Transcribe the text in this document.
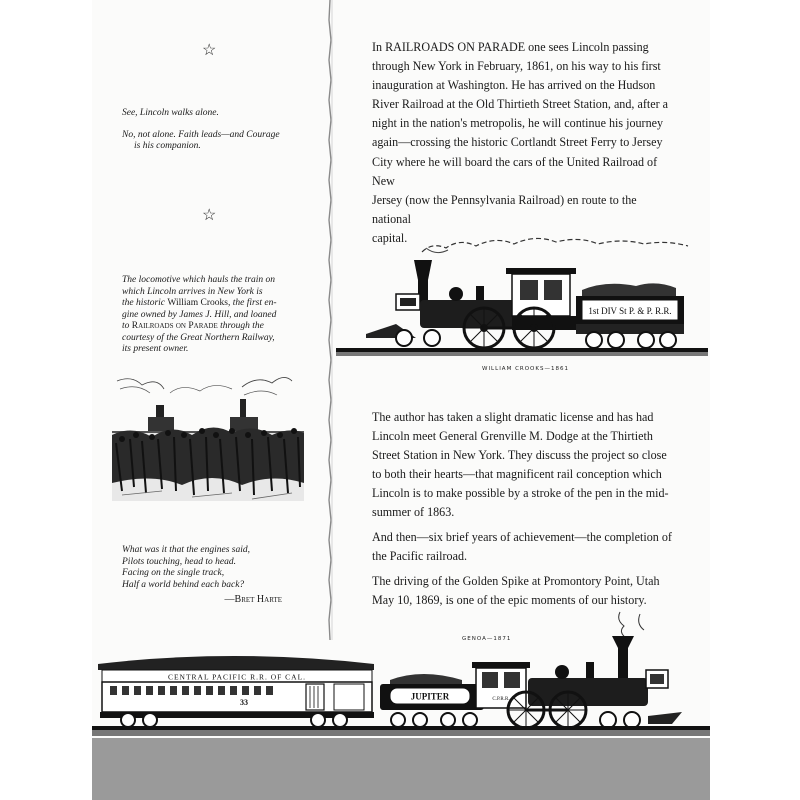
☆

See, Lincoln walks alone.

No, not alone. Faith leads—and Courage

is his companion.

☆

The locomotive which hauls the train on

which Lincoln arrives in New York is

the historic William Crooks, the first en-

gine owned by James J. Hill, and loaned

to Railroads on Parade through the

courtesy of the Great Northern Railway,

its present owner.

What was it that the engines said,

Pilots touching, head to head.

Facing on the single track,

Half a world behind each back?

—Bret Harte

In RAILROADS ON PARADE one sees Lincoln passing

through New York in February, 1861, on his way to his first

inauguration at Washington. He has arrived on the Hudson

River Railroad at the Old Thirtieth Street Station, and, after a

night in the nation's metropolis, he will continue his journey

again—crossing the historic Cortlandt Street Ferry to Jersey

City where he will board the cars of the United Railroad of New

Jersey (now the Pennsylvania Railroad) en route to the national

capital.

1st DIV St P. & P. R.R.
WILLIAM CROOKS—1861

The author has taken a slight dramatic license and has had

Lincoln meet General Grenville M. Dodge at the Thirtieth

Street Station in New York. They discuss the project so close

to both their hearts—that magnificent rail conception which

Lincoln is to make possible by a stroke of the pen in the mid-

summer of 1863.

And then—six brief years of achievement—the completion of

the Pacific railroad.

The driving of the Golden Spike at Promontory Point, Utah

May 10, 1869, is one of the epic moments of our history.

GENOA—1871
CENTRAL PACIFIC R.R. OF CAL.
33
JUPITER	C.P.R.R.
